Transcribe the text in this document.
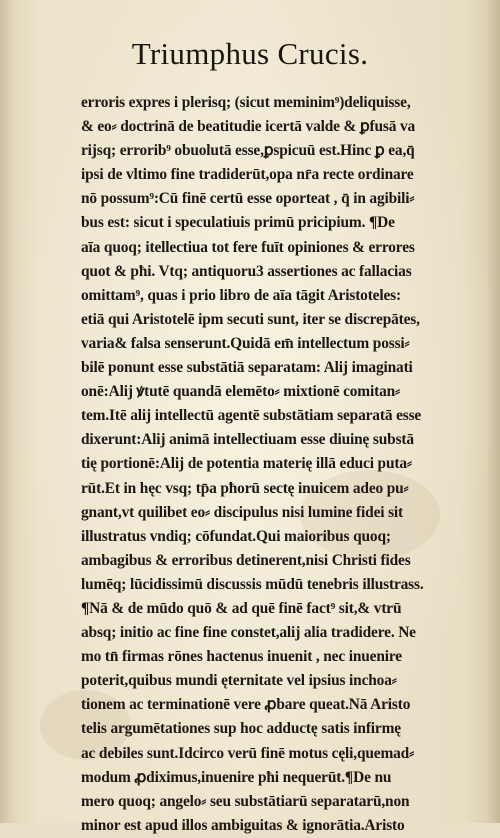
Triumphus Crucis.
erroris expres i plerisq; (sicut meminim⁹)deliquisse,
& eo⸗ doctrinā de beatitudie icertā valde & ꝑfusā va
rijsq; errorib⁹ obuolutā esse,ꝑspicuū est.Hinc ꝑ ea,q̄
ipsi de vltimo fine tradiderūt,opa nr̄a recte ordinare
nō possum⁹:Cū finē certū esse oporteat , q̄ in agibili⸗
bus est: sicut i speculatiuis primū pricipium. ¶De
aīa quoq; itellectiua tot fere fuīt opiniones & errores
quot & pħi. Vtq; antiquoru3 assertiones ac fallacias
omittam⁹, quas i prio libro de aīa tāgit Aristoteles:
etiā qui Aristotelē ipm secuti sunt, iter se discrepātes,
varia& falsa senserunt.Quidā em̄ intellectum possi⸗
bilē ponunt esse substātiā separatam: Alij imaginati
onē:Alij ꝟtutē quandā elemēto⸗ mixtionē comitan⸗
tem.Itē alij intellectū agentē substātiam separatā esse
dixerunt:Alij animā intellectiuam esse diuinę substā
tię portionē:Alij de potentia materię illā educi puta⸗
rūt.Et in hęc vsq; tp̄a pħorū sectę inuicem adeo pu⸗
gnant,vt quilibet eo⸗ discipulus nisi lumine fidei sit
illustratus vndiq; cōfundat.Qui maioribus quoq;
ambagibus & erroribus detinerent,nisi Christi fides
lumēq; lūcidissimū discussis mūdū tenebris illustrass.
¶Nā & de mūdo quō & ad quē finē fact⁹ sit,& vtrū
absq; initio ac fine fine constet,alij alia tradidere. Ne
mo tn̄ firmas rōnes hactenus inuenit , nec inuenire
poterit,quibus mundi ęternitate vel ipsius inchoa⸗
tionem ac terminationē vere ꝓbare queat.Nā Aristo
telis argumētationes sup hoc adductę satis infirmę
ac debiles sunt.Idcirco verū finē motus cęli,quemad⸗
modum ꝓdiximus,inuenire pħi nequerūt.¶De nu
mero quoq; angelo⸗ seu substātiarū separatarū,non
minor est apud illos ambiguitas & ignorātia.Aristo
